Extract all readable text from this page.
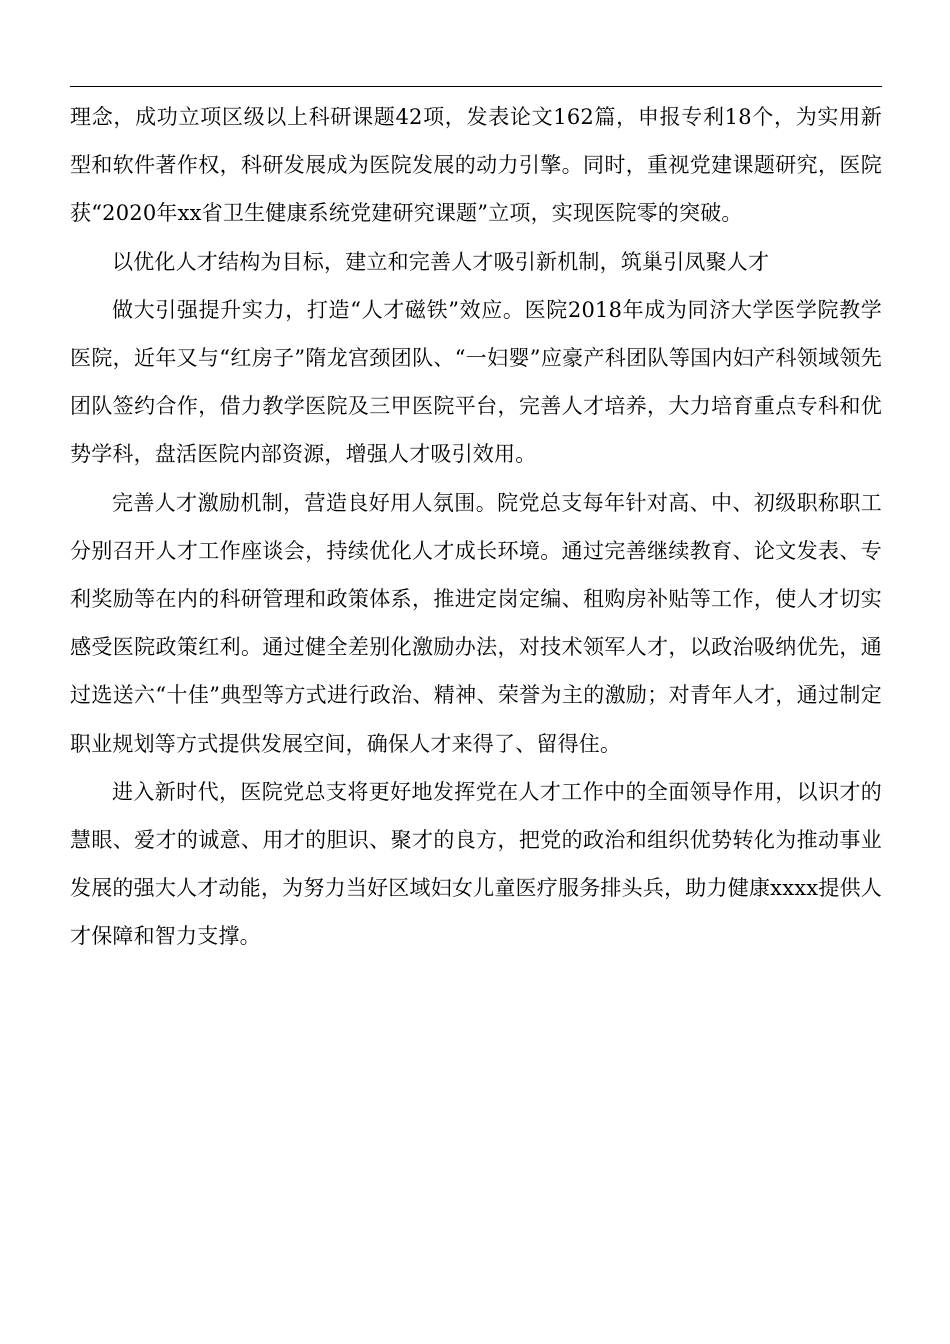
理念，成功立项区级以上科研课题42项，发表论文162篇，申报专利18个，为实用新型和软件著作权，科研发展成为医院发展的动力引擎。同时，重视党建课题研究，医院获“2020年xx省卫生健康系统党建研究课题”立项，实现医院零的突破。

以优化人才结构为目标，建立和完善人才吸引新机制，筑巢引凤聚人才

做大引强提升实力，打造“人才磁铁”效应。医院2018年成为同济大学医学院教学医院，近年又与“红房子”隋龙宫颈团队、“一妇婴”应豪产科团队等国内妇产科领域领先团队签约合作，借力教学医院及三甲医院平台，完善人才培养，大力培育重点专科和优势学科，盘活医院内部资源，增强人才吸引效用。

完善人才激励机制，营造良好用人氛围。院党总支每年针对高、中、初级职称职工分别召开人才工作座谈会，持续优化人才成长环境。通过完善继续教育、论文发表、专利奖励等在内的科研管理和政策体系，推进定岗定编、租购房补贴等工作，使人才切实感受医院政策红利。通过健全差别化激励办法，对技术领军人才，以政治吸纳优先，通过选送六“十佳”典型等方式进行政治、精神、荣誉为主的激励；对青年人才，通过制定职业规划等方式提供发展空间，确保人才来得了、留得住。

进入新时代，医院党总支将更好地发挥党在人才工作中的全面领导作用，以识才的慧眼、爱才的诚意、用才的胆识、聚才的良方，把党的政治和组织优势转化为推动事业发展的强大人才动能，为努力当好区域妇女儿童医疗服务排头兵，助力健康xxxx提供人才保障和智力支撑。
